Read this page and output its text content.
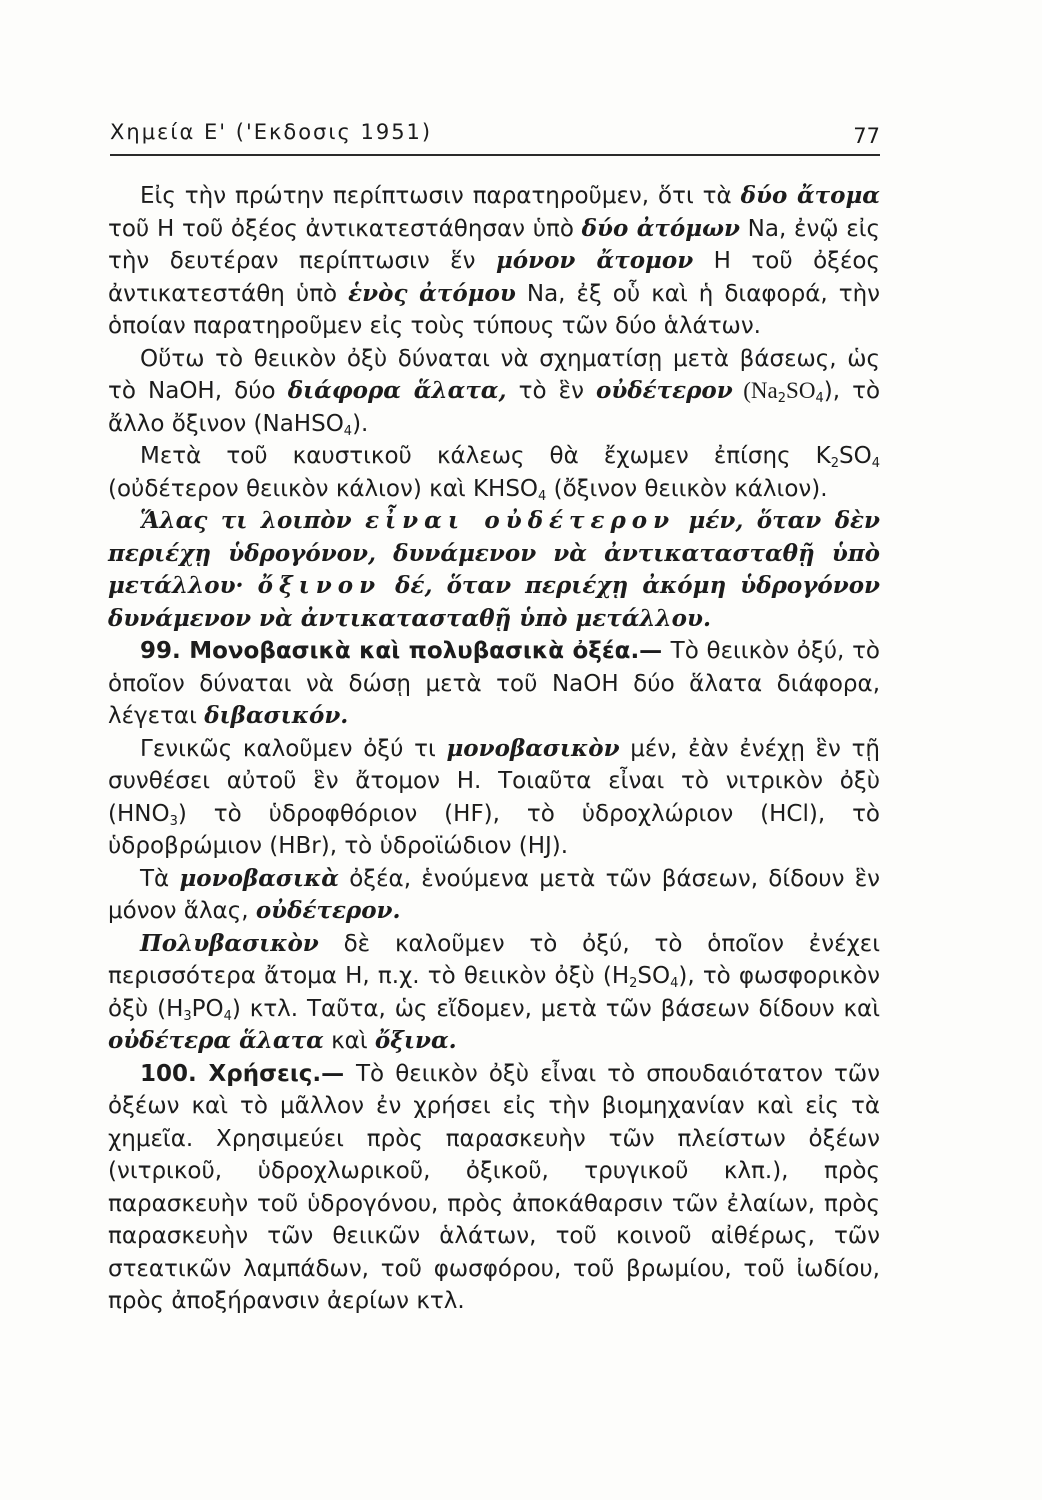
Χημεία Ε' ('Εκδοσις 1951)	77

Εἰς τὴν πρώτην περίπτωσιν παρατηροῦμεν, ὅτι τὰ δύο ἄτομα τοῦ Η τοῦ ὀξέος ἀντικατεστάθησαν ὑπὸ δύο ἀτόμων Na, ἐνῷ εἰς τὴν δευτέραν περίπτωσιν ἕν μόνον ἄτομον Η τοῦ ὀξέος ἀντικατεστάθη ὑπὸ ἑνὸς ἀτόμου Na, ἐξ οὗ καὶ ἡ διαφορά, τὴν ὁποίαν παρατηροῦμεν εἰς τοὺς τύπους τῶν δύο ἁλάτων.

Οὕτω τὸ θειικὸν ὀξὺ δύναται νὰ σχηματίσῃ μετὰ βάσεως, ὡς τὸ NaOH, δύο διάφορα ἅλατα, τὸ ἓν οὐδέτερον $(Na_2SO_4)$, τὸ ἄλλο ὄξινον (NaHSO$_4$).

Μετὰ τοῦ καυστικοῦ κάλεως θὰ ἔχωμεν ἐπίσης $K_2SO_4$ (οὐδέτερον θειικὸν κάλιον) καὶ $KHSO_4$ (ὄξινον θειικὸν κάλιον).

Ἅλας τι λοιπὸν εἶναι οὐδέτερον μέν, ὅταν δὲν περιέχῃ ὑδρογόνον, δυνάμενον νὰ ἀντικατασταθῇ ὑπὸ μετάλλου· ὄξινον δέ, ὅταν περιέχῃ ἀκόμη ὑδρογόνον δυνάμενον νὰ ἀντικατασταθῇ ὑπὸ μετάλλου.

99. Μονοβασικὰ καὶ πολυβασικὰ ὀξέα.— Τὸ θειικὸν ὀξύ, τὸ ὁποῖον δύναται νὰ δώσῃ μετὰ τοῦ NaOH δύο ἅλατα διάφορα, λέγεται διβασικόν.

Γενικῶς καλοῦμεν ὀξύ τι μονοβασικὸν μέν, ἐὰν ἐνέχῃ ἓν τῇ συνθέσει αὐτοῦ ἓν ἄτομον Η. Τοιαῦτα εἶναι τὸ νιτρικὸν ὀξὺ $(HNO_3)$ τὸ ὑδροφθόριον (HF), τὸ ὑδροχλώριον (HCl), τὸ ὑδροβρώμιον (HBr), τὸ ὑδροϊώδιον (HJ).

Τὰ μονοβασικὰ ὀξέα, ἑνούμενα μετὰ τῶν βάσεων, δίδουν ἓν μόνον ἅλας, οὐδέτερον.

Πολυβασικὸν δὲ καλοῦμεν τὸ ὀξύ, τὸ ὁποῖον ἐνέχει περισσότερα ἄτομα Η, π.χ. τὸ θειικὸν ὀξὺ $(H_2SO_4)$, τὸ φωσφορικὸν ὀξὺ $(H_3PO_4)$ κτλ. Ταῦτα, ὡς εἴδομεν, μετὰ τῶν βάσεων δίδουν καὶ οὐδέτερα ἅλατα καὶ ὄξινα.

100. Χρήσεις.— Τὸ θειικὸν ὀξὺ εἶναι τὸ σπουδαιότατον τῶν ὀξέων καὶ τὸ μᾶλλον ἐν χρήσει εἰς τὴν βιομηχανίαν καὶ εἰς τὰ χημεῖα. Χρησιμεύει πρὸς παρασκευὴν τῶν πλείστων ὀξέων (νιτρικοῦ, ὑδροχλωρικοῦ, ὀξικοῦ, τρυγικοῦ κλπ.), πρὸς παρασκευὴν τοῦ ὑδρογόνου, πρὸς ἀποκάθαρσιν τῶν ἐλαίων, πρὸς παρασκευὴν τῶν θειικῶν ἁλάτων, τοῦ κοινοῦ αἰθέρως, τῶν στεατικῶν λαμπάδων, τοῦ φωσφόρου, τοῦ βρωμίου, τοῦ ἰωδίου, πρὸς ἀποξήρανσιν ἀερίων κτλ.
